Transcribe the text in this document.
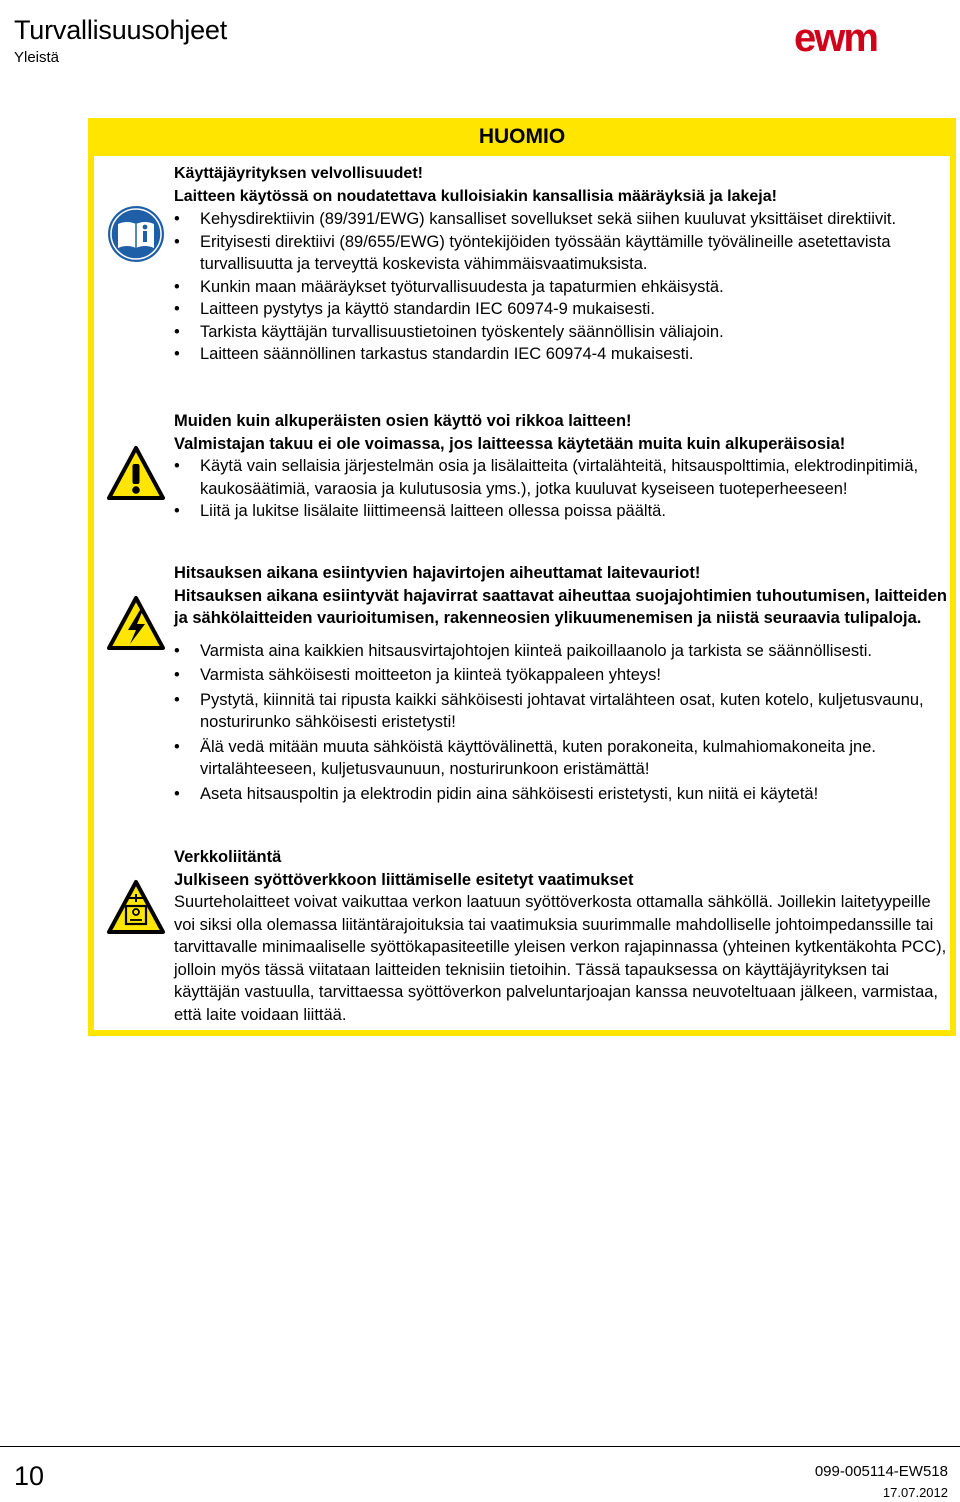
Turvallisuusohjeet
Yleistä	ewm
HUOMIO
Käyttäjäyrityksen velvollisuudet!
Laitteen käytössä on noudatettava kulloisiakin kansallisia määräyksiä ja lakeja!
• Kehysdirektiivin (89/391/EWG) kansalliset sovellukset sekä siihen kuuluvat yksittäiset direktiivit.
• Erityisesti direktiivi (89/655/EWG) työntekijöiden työssään käyttämille työvälineille asetettavista turvallisuutta ja terveyttä koskevista vähimmäisvaatimuksista.
• Kunkin maan määräykset työturvallisuudesta ja tapaturmien ehkäisystä.
• Laitteen pystytys ja käyttö standardin IEC 60974-9 mukaisesti.
• Tarkista käyttäjän turvallisuustietoinen työskentely säännöllisin väliajoin.
• Laitteen säännöllinen tarkastus standardin IEC 60974-4 mukaisesti.
Muiden kuin alkuperäisten osien käyttö voi rikkoa laitteen!
Valmistajan takuu ei ole voimassa, jos laitteessa käytetään muita kuin alkuperäisosia!
• Käytä vain sellaisia järjestelmän osia ja lisälaitteita (virtalähteitä, hitsauspolttimia, elektrodinpitimiä, kaukosäätimiä, varaosia ja kulutusosia yms.), jotka kuuluvat kyseiseen tuoteperheeseen!
• Liitä ja lukitse lisälaite liittimeensä laitteen ollessa poissa päältä.
Hitsauksen aikana esiintyvien hajavirtojen aiheuttamat laitevauriot!
Hitsauksen aikana esiintyvät hajavirrat saattavat aiheuttaa suojajohtimien tuhoutumisen, laitteiden ja sähkölaitteiden vaurioitumisen, rakenneosien ylikuumenemisen ja niistä seuraavia tulipaloja.
• Varmista aina kaikkien hitsausvirtajohtojen kiinteä paikoillaanolo ja tarkista se säännöllisesti.
• Varmista sähköisesti moitteeton ja kiinteä työkappaleen yhteys!
• Pystytä, kiinnitä tai ripusta kaikki sähköisesti johtavat virtalähteen osat, kuten kotelo, kuljetusvaunu, nosturirunko sähköisesti eristetysti!
• Älä vedä mitään muuta sähköistä käyttövälinettä, kuten porakoneita, kulmahiomakoneita jne. virtalähteeseen, kuljetusvaunuun, nosturirunkoon eristämättä!
• Aseta hitsauspoltin ja elektrodin pidin aina sähköisesti eristetysti, kun niitä ei käytetä!
Verkkoliitäntä
Julkiseen syöttöverkkoon liittämiselle esitetyt vaatimukset
Suurteholaitteet voivat vaikuttaa verkon laatuun syöttöverkosta ottamalla sähköllä. Joillekin laitetyypeille voi siksi olla olemassa liitäntärajoituksia tai vaatimuksia suurimmalle mahdolliselle johtoimpedanssille tai tarvittavalle minimaaliselle syöttökapasiteetille yleisen verkon rajapinnassa (yhteinen kytkentäkohta PCC), jolloin myös tässä viitataan laitteiden teknisiin tietoihin. Tässä tapauksessa on käyttäjäyrityksen tai käyttäjän vastuulla, tarvittaessa syöttöverkon palveluntarjoajan kanssa neuvoteltuaan jälkeen, varmistaa, että laite voidaan liittää.
10	099-005114-EW518
17.07.2012
